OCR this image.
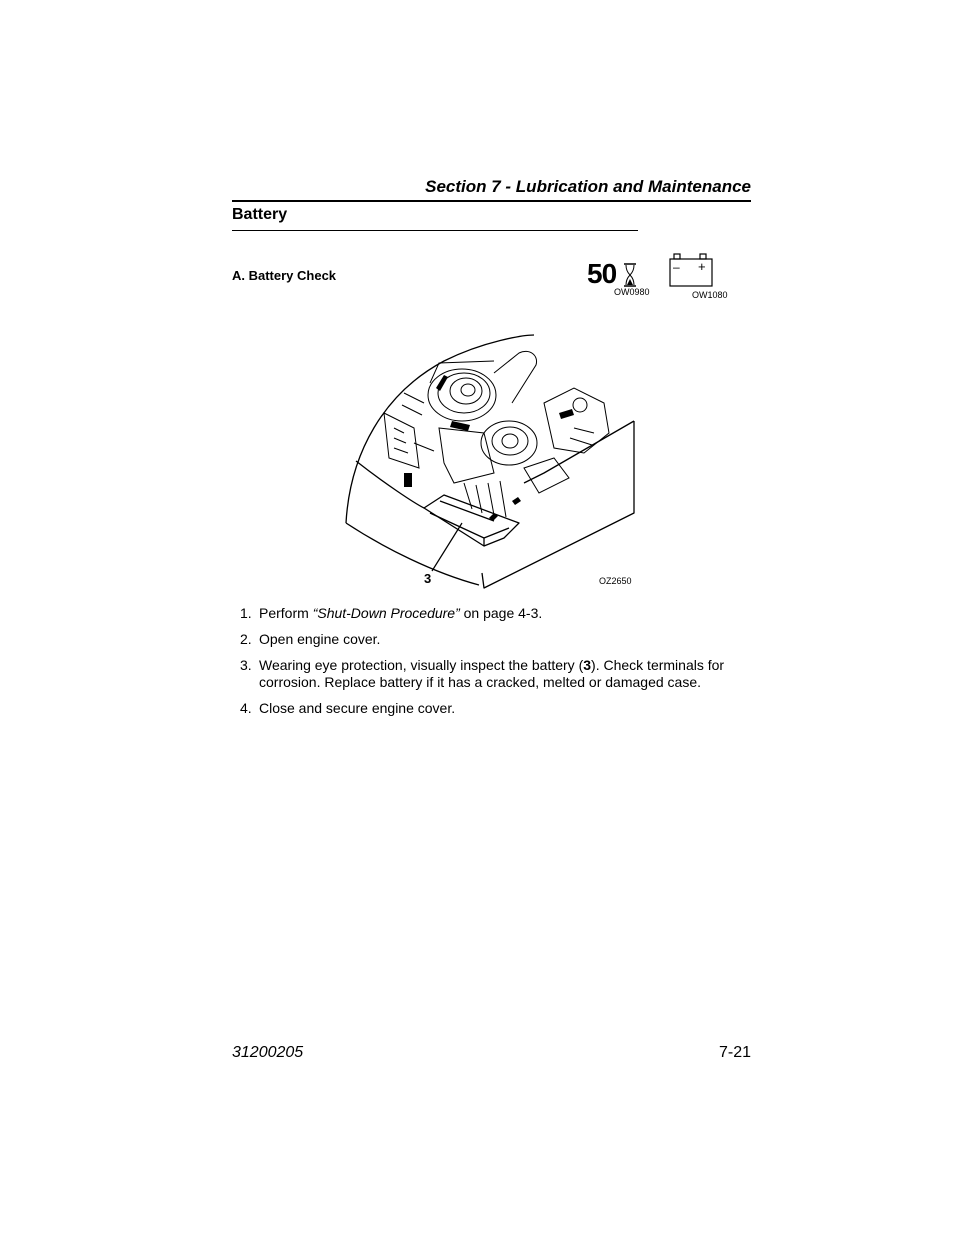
Section 7 - Lubrication and Maintenance
Battery
A. Battery Check	50
OW0980
– +
OW1080
3	OZ2650
1. Perform “Shut-Down Procedure” on page 4-3.
2. Open engine cover.
3. Wearing eye protection, visually inspect the battery (3). Check terminals for corrosion. Replace battery if it has a cracked, melted or damaged case.
4. Close and secure engine cover.
31200205	7-21
